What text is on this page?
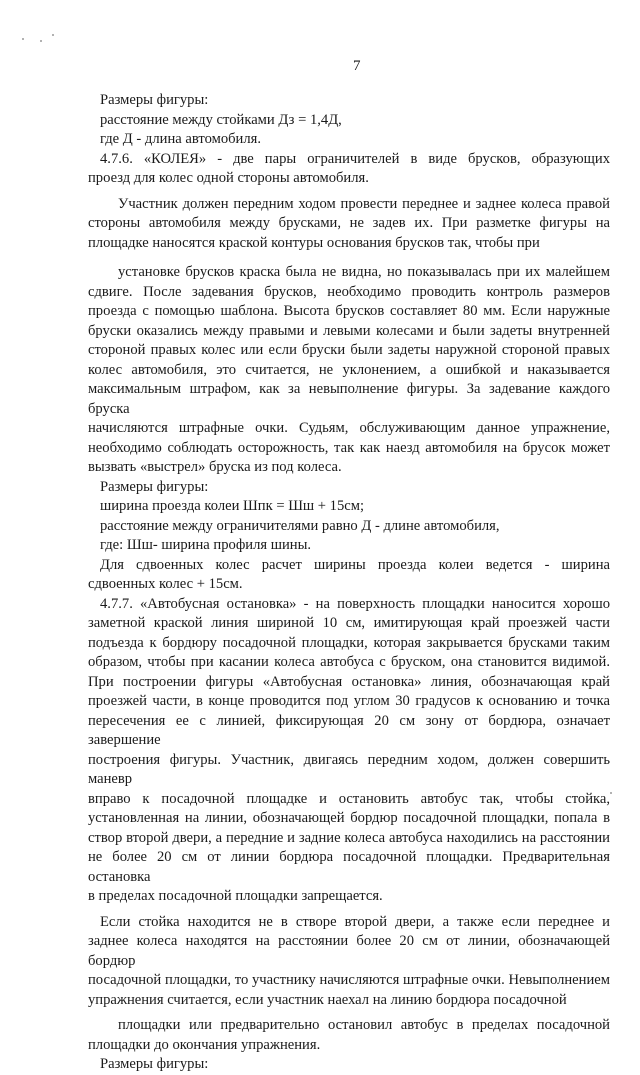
7
Размеры фигуры:
расстояние между стойками Дз = 1,4Д,
где Д - длина автомобиля.
4.7.6. «КОЛЕЯ» - две пары ограничителей в виде брусков, образующих
проезд для колес одной стороны автомобиля.
Участник должен передним ходом провести переднее и заднее колеса правой
стороны автомобиля между брусками, не задев их. При разметке фигуры на
площадке наносятся краской контуры основания брусков так, чтобы при
установке брусков краска была не видна, но показывалась при их малейшем
сдвиге. После задевания брусков, необходимо проводить контроль размеров
проезда с помощью шаблона. Высота брусков составляет 80 мм. Если наружные
бруски оказались между правыми и левыми колесами и были задеты внутренней
стороной правых колес или если бруски были задеты наружной стороной правых
колес автомобиля, это считается, не уклонением, а ошибкой и наказывается
максимальным штрафом, как за невыполнение фигуры. За задевание каждого бруска
начисляются штрафные очки. Судьям, обслуживающим данное упражнение,
необходимо соблюдать осторожность, так как наезд автомобиля на брусок может
вызвать «выстрел» бруска из под колеса.
Размеры фигуры:
ширина проезда колеи Шпк = Шш + 15см;
расстояние между ограничителями равно Д - длине автомобиля,
где: Шш- ширина профиля шины.
Для сдвоенных колес расчет ширины проезда колеи ведется - ширина
сдвоенных колес + 15см.
4.7.7. «Автобусная остановка» - на поверхность площадки наносится хорошо
заметной краской линия шириной 10 см, имитирующая край проезжей части
подъезда к бордюру посадочной площадки, которая закрывается брусками таким
образом, чтобы при касании колеса автобуса с бруском, она становится видимой.
При построении фигуры «Автобусная остановка» линия, обозначающая край
проезжей части, в конце проводится под углом 30 градусов к основанию и точка
пересечения ее с линией, фиксирующая 20 см зону от бордюра, означает завершение
построения фигуры. Участник, двигаясь передним ходом, должен совершить маневр
вправо к посадочной площадке и остановить автобус так, чтобы стойка,
установленная на линии, обозначающей бордюр посадочной площадки, попала в
створ второй двери, а передние и задние колеса автобуса находились на расстоянии
не более 20 см от линии бордюра посадочной площадки. Предварительная остановка
в пределах посадочной площадки запрещается.
Если стойка находится не в створе второй двери, а также если переднее и
заднее колеса находятся на расстоянии более 20 см от линии, обозначающей бордюр
посадочной площадки, то участнику начисляются штрафные очки. Невыполнением
упражнения считается, если участник наехал на линию бордюра посадочной
площадки или предварительно остановил автобус в пределах посадочной
площадки до окончания упражнения.
Размеры фигуры:
